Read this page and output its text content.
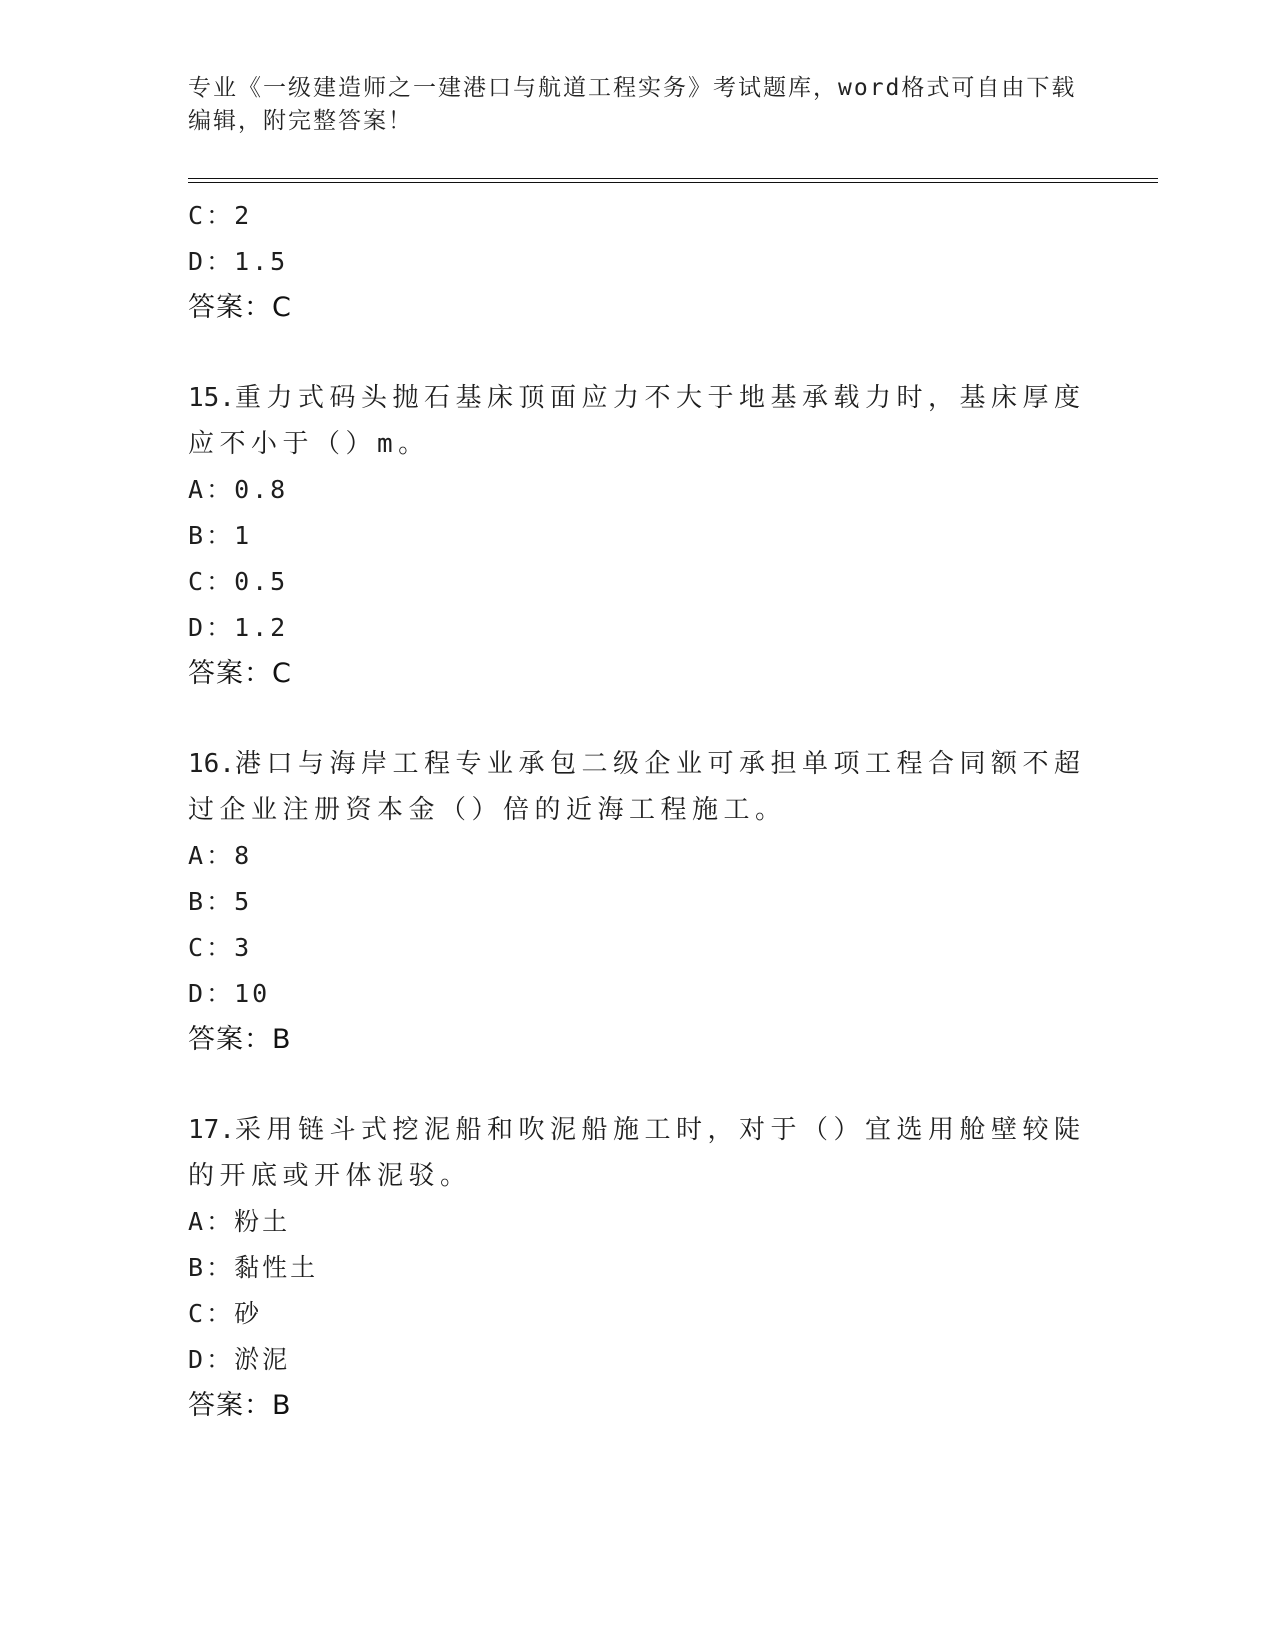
专业《一级建造师之一建港口与航道工程实务》考试题库，word格式可自由下载编辑，附完整答案！
C：2
D：1.5
答案：C
15.重力式码头抛石基床顶面应力不大于地基承载力时，基床厚度应不小于（）m。
A：0.8
B：1
C：0.5
D：1.2
答案：C
16.港口与海岸工程专业承包二级企业可承担单项工程合同额不超过企业注册资本金（）倍的近海工程施工。
A：8
B：5
C：3
D：10
答案：B
17.采用链斗式挖泥船和吹泥船施工时，对于（）宜选用舱壁较陡的开底或开体泥驳。
A：粉土
B：黏性土
C：砂
D：淤泥
答案：B
